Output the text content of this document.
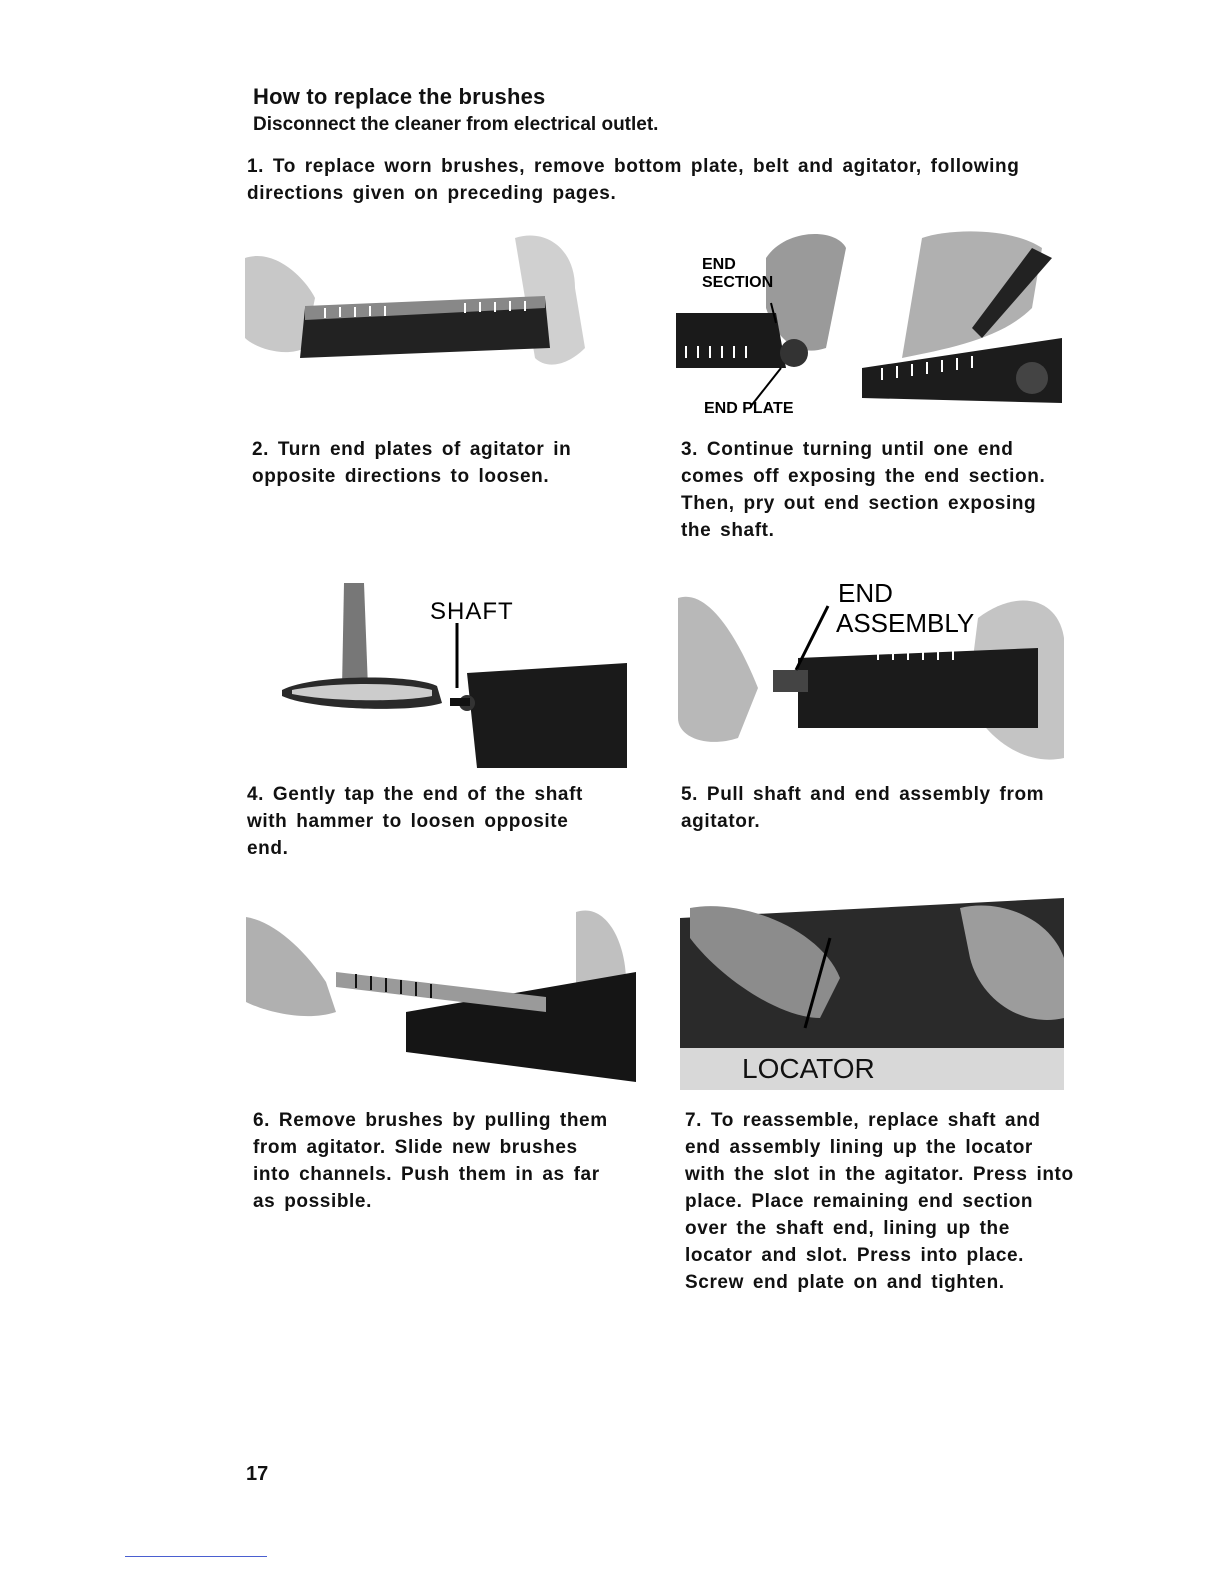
How to replace the brushes
Disconnect the cleaner from electrical outlet.
1. To replace worn brushes, remove bottom plate, belt and agitator, following directions given on preceding pages.
END
SECTION
END PLATE
2. Turn end plates of agitator in opposite directions to loosen.
3. Continue turning until one end comes off exposing the end section. Then, pry out end section exposing the shaft.
SHAFT
END
ASSEMBLY
4. Gently tap the end of the shaft with hammer to loosen opposite end.
5. Pull shaft and end assembly from agitator.
LOCATOR
6. Remove brushes by pulling them from agitator. Slide new brushes into channels. Push them in as far as possible.
7. To reassemble, replace shaft and end assembly lining up the locator with the slot in the agitator. Press into place. Place remaining end section over the shaft end, lining up the locator and slot. Press into place. Screw end plate on and tighten.
17
